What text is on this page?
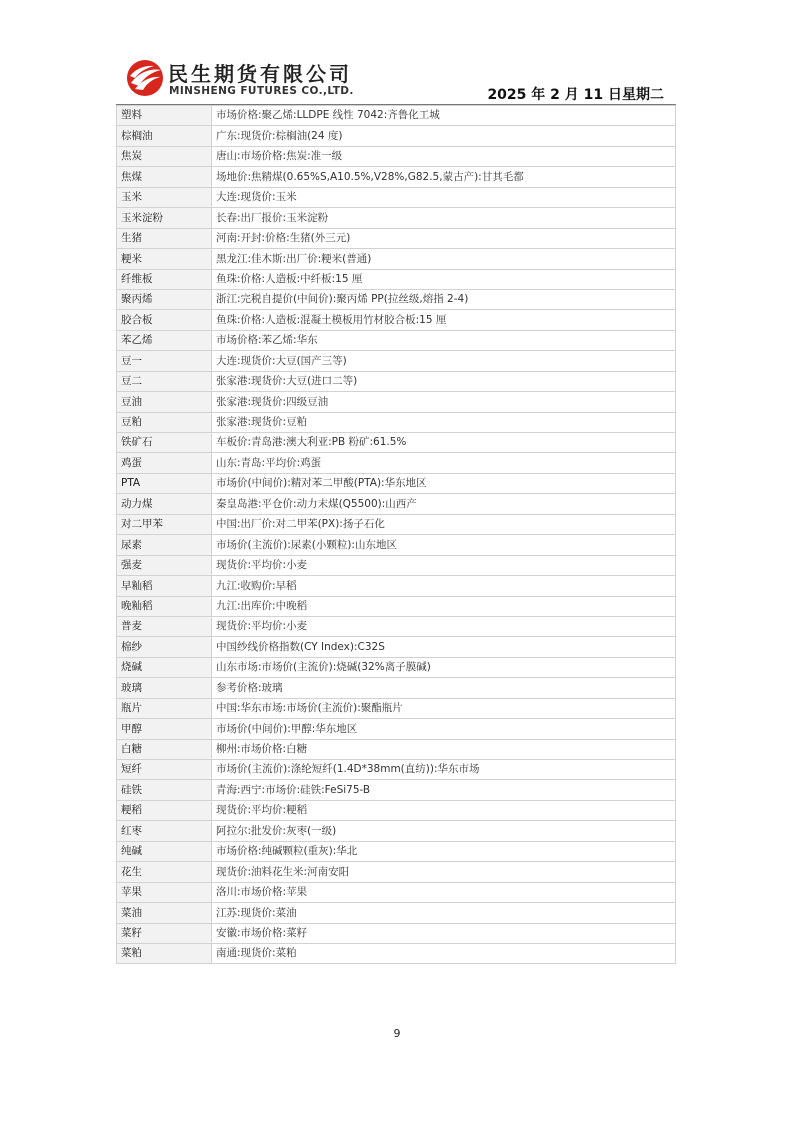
民生期货有限公司
MINSHENG FUTURES CO.,LTD.	2025 年 2 月 11 日星期二
塑料	市场价格:聚乙烯:LLDPE 线性 7042:齐鲁化工城
棕榈油	广东:现货价:棕榈油(24 度)
焦炭	唐山:市场价格:焦炭:准一级
焦煤	场地价:焦精煤(0.65%S,A10.5%,V28%,G82.5,蒙古产):甘其毛都
玉米	大连:现货价:玉米
玉米淀粉	长春:出厂报价:玉米淀粉
生猪	河南:开封:价格:生猪(外三元)
粳米	黑龙江:佳木斯:出厂价:粳米(普通)
纤维板	鱼珠:价格:人造板:中纤板:15 厘
聚丙烯	浙江:完税自提价(中间价):聚丙烯 PP(拉丝级,熔指 2-4)
胶合板	鱼珠:价格:人造板:混凝土模板用竹材胶合板:15 厘
苯乙烯	市场价格:苯乙烯:华东
豆一	大连:现货价:大豆(国产三等)
豆二	张家港:现货价:大豆(进口二等)
豆油	张家港:现货价:四级豆油
豆粕	张家港:现货价:豆粕
铁矿石	车板价:青岛港:澳大利亚:PB 粉矿:61.5%
鸡蛋	山东:青岛:平均价:鸡蛋
PTA	市场价(中间价):精对苯二甲酸(PTA):华东地区
动力煤	秦皇岛港:平仓价:动力末煤(Q5500):山西产
对二甲苯	中国:出厂价:对二甲苯(PX):扬子石化
尿素	市场价(主流价):尿素(小颗粒):山东地区
强麦	现货价:平均价:小麦
早籼稻	九江:收购价:早稻
晚籼稻	九江:出库价:中晚稻
普麦	现货价:平均价:小麦
棉纱	中国纱线价格指数(CY Index):C32S
烧碱	山东市场:市场价(主流价):烧碱(32%离子膜碱)
玻璃	参考价格:玻璃
瓶片	中国:华东市场:市场价(主流价):聚酯瓶片
甲醇	市场价(中间价):甲醇:华东地区
白糖	柳州:市场价格:白糖
短纤	市场价(主流价):涤纶短纤(1.4D*38mm(直纺)):华东市场
硅铁	青海:西宁:市场价:硅铁:FeSi75-B
粳稻	现货价:平均价:粳稻
红枣	阿拉尔:批发价:灰枣(一级)
纯碱	市场价格:纯碱颗粒(重灰):华北
花生	现货价:油料花生米:河南安阳
苹果	洛川:市场价格:苹果
菜油	江苏:现货价:菜油
菜籽	安徽:市场价格:菜籽
菜粕	南通:现货价:菜粕
9
